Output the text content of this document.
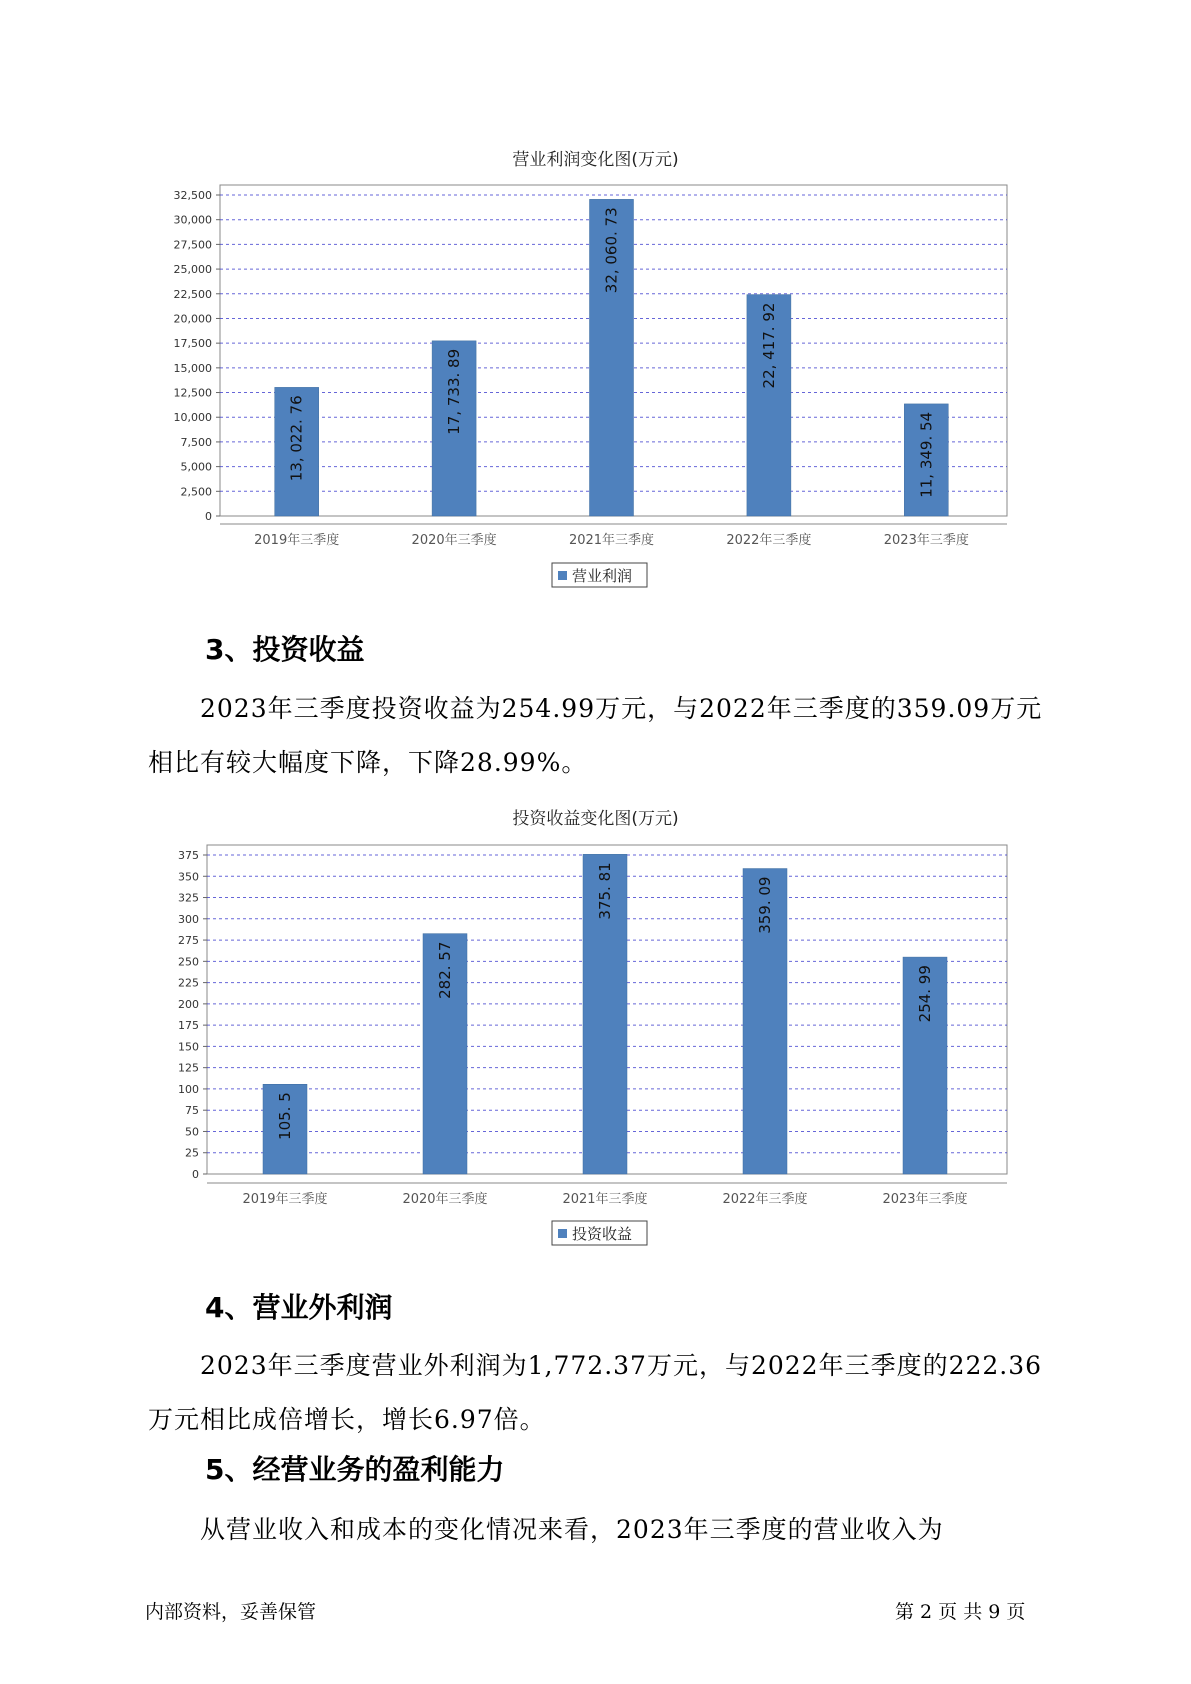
营业利润变化图(万元)
0
2,500
5,000
7,500
10,000
12,500
15,000
17,500
20,000
22,500
25,000
27,500
30,000
32,500
13, 022. 76
2019年三季度
17, 733. 89
2020年三季度
32, 060. 73
2021年三季度
22, 417. 92
2022年三季度
11, 349. 54
2023年三季度
营业利润
3、投资收益

2023年三季度投资收益为254.99万元，与2022年三季度的359.09万元相比有较大幅度下降，下降28.99%。

投资收益变化图(万元)
0
25
50
75
100
125
150
175
200
225
250
275
300
325
350
375
105. 5
2019年三季度
282. 57
2020年三季度
375. 81
2021年三季度
359. 09
2022年三季度
254. 99
2023年三季度
投资收益
4、营业外利润

2023年三季度营业外利润为1,772.37万元，与2022年三季度的222.36万元相比成倍增长，增长6.97倍。

5、经营业务的盈利能力

从营业收入和成本的变化情况来看，2023年三季度的营业收入为

内部资料，妥善保管	第 2 页 共 9 页
